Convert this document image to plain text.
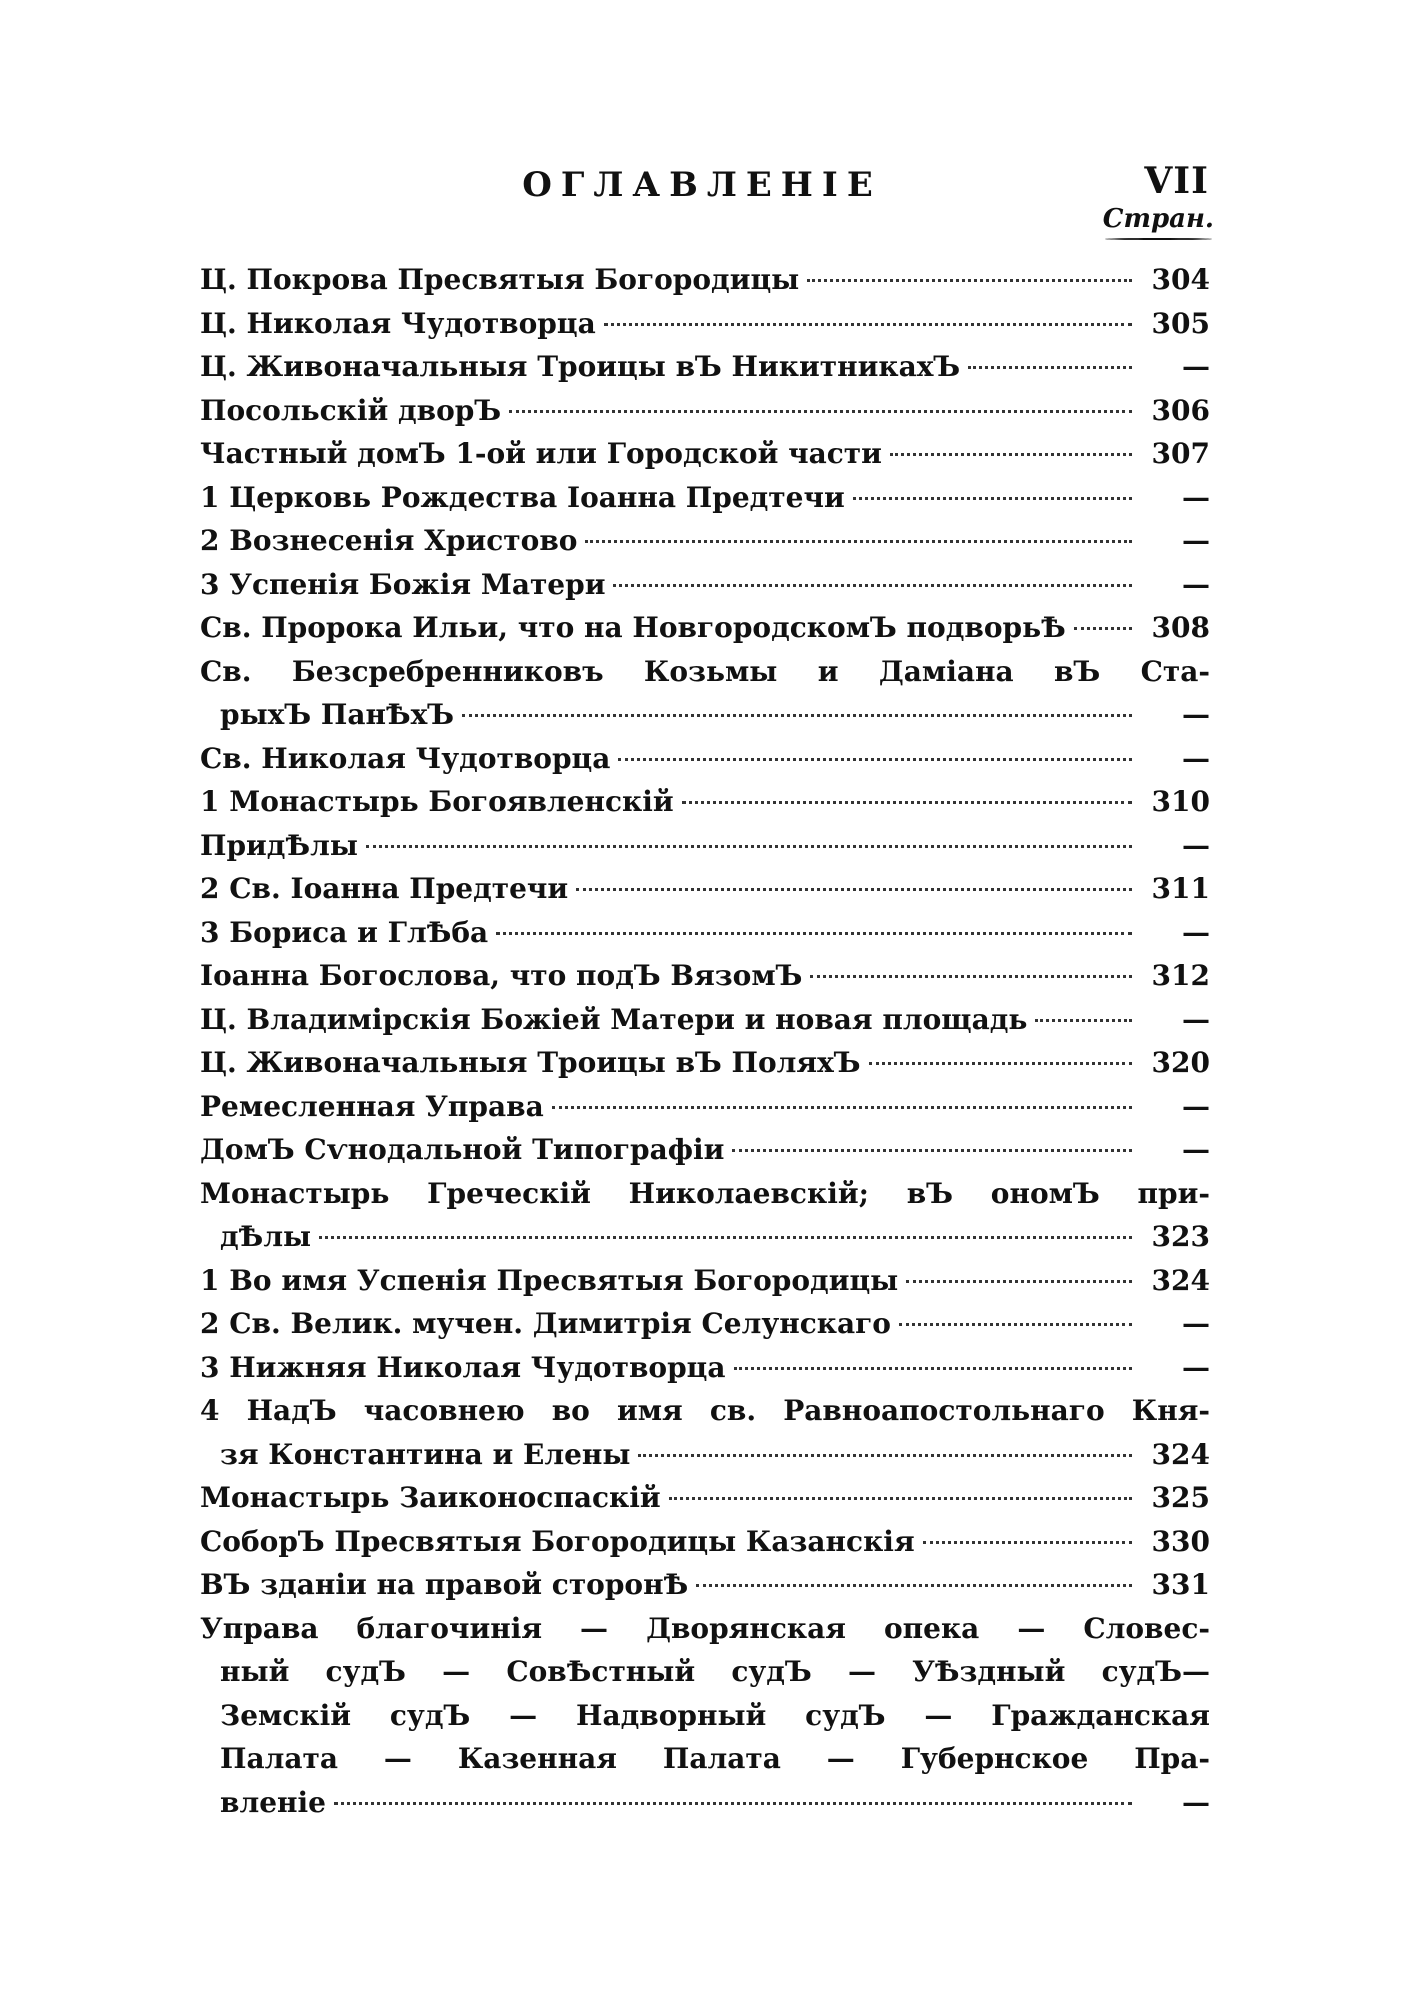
ОГЛАВЛЕНІЕ	VII
Стран.
Ц. Покрова Пресвятыя Богородицы	304
Ц. Николая Чудотворца	305
Ц. Живоначальныя Троицы вЪ НикитникахЪ	—
Посольскій дворЪ	306
Частный домЪ 1-ой или Городской части	307
1 Церковь Рождества Іоанна Предтечи	—
2 Вознесенія Христово	—
3 Успенія Божія Матери	—
Св. Пророка Ильи, что на НовгородскомЪ подворьѢ	308
Св. Безсребренниковъ Козьмы и Даміана вЪ Ста-
рыхЪ ПанѢхЪ	—
Св. Николая Чудотворца	—
1 Монастырь Богоявленскій	310
ПридѢлы	—
2 Св. Іоанна Предтечи	311
3 Бориса и ГлѢба	—
Іоанна Богослова, что подЪ ВязомЪ	312
Ц. Владимірскія Божіей Матери и новая площадь	—
Ц. Живоначальныя Троицы вЪ ПоляхЪ	320
Ремесленная Управа	—
ДомЪ Сѵнодальной Типографіи	—
Монастырь Греческій Николаевскій; вЪ ономЪ при-
дѢлы	323
1 Во имя Успенія Пресвятыя Богородицы	324
2 Св. Велик. мучен. Димитрія Селунскаго	—
3 Нижняя Николая Чудотворца	—
4 НадЪ часовнею во имя св. Равноапостольнаго Кня-
зя Константина и Елены	324
Монастырь Заиконоспаскій	325
СоборЪ Пресвятыя Богородицы Казанскія	330
ВЪ зданіи на правой сторонѢ	331
Управа благочинія — Дворянская опека — Словес-
ный судЪ — СовѢстный судЪ — УѢздный судЪ—
Земскій судЪ — Надворный судЪ — Гражданская
Палата — Казенная Палата — Губернское Пра-
вленіе	—
